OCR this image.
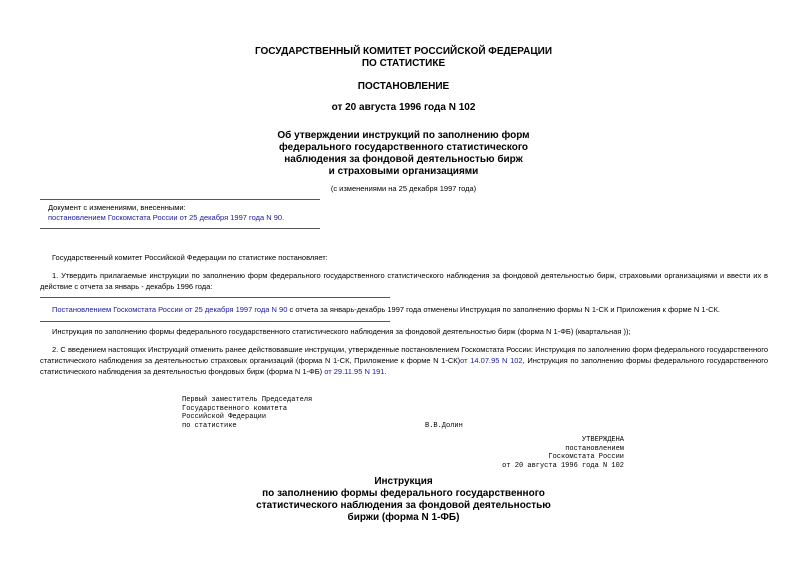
ГОСУДАРСТВЕННЫЙ КОМИТЕТ РОССИЙСКОЙ ФЕДЕРАЦИИ
ПО СТАТИСТИКЕ
ПОСТАНОВЛЕНИЕ
от 20 августа 1996 года N 102
Об утверждении инструкций по заполнению форм
федерального государственного статистического
наблюдения за фондовой деятельностью бирж
и страховыми организациями
(с изменениями на 25 декабря 1997 года)
Документ с изменениями, внесенными:
постановлением Госкомстата России от 25 декабря 1997 года N 90.
Государственный комитет Российской Федерации по статистике постановляет:
1. Утвердить прилагаемые инструкции по заполнению форм федерального государственного статистического наблюдения за фондовой деятельностью бирж, страховыми организациями и ввести их в действие с отчета за январь - декабрь 1996 года:
Постановлением Госкомстата России от 25 декабря 1997 года N 90 с отчета за январь-декабрь 1997 года отменены Инструкция по заполнению формы N 1-СК и Приложения к форме N 1-СК.
Инструкция по заполнению формы федерального государственного статистического наблюдения за фондовой деятельностью бирж (форма N 1-ФБ) (квартальная ));
2. С введением настоящих Инструкций отменить ранее действовавшие инструкции, утвержденные постановлением Госкомстата России: Инструкция по заполнению форм федерального государственного статистического наблюдения за деятельностью страховых организаций (форма N 1-СК, Приложение к форме N 1-СК)от 14.07.95 N 102, Инструкция по заполнению формы федерального государственного статистического наблюдения за деятельностью фондовых бирж (форма N 1-ФБ) от 29.11.95 N 191.
Первый заместитель Председателя
Государственного комитета
Российской Федерации
по статистике	В.В.Долин
УТВЕРЖДЕНА
постановлением
Госкомстата России
от 20 августа 1996 года N 102
Инструкция
по заполнению формы федерального государственного
статистического наблюдения за фондовой деятельностью
биржи (форма N 1-ФБ)
